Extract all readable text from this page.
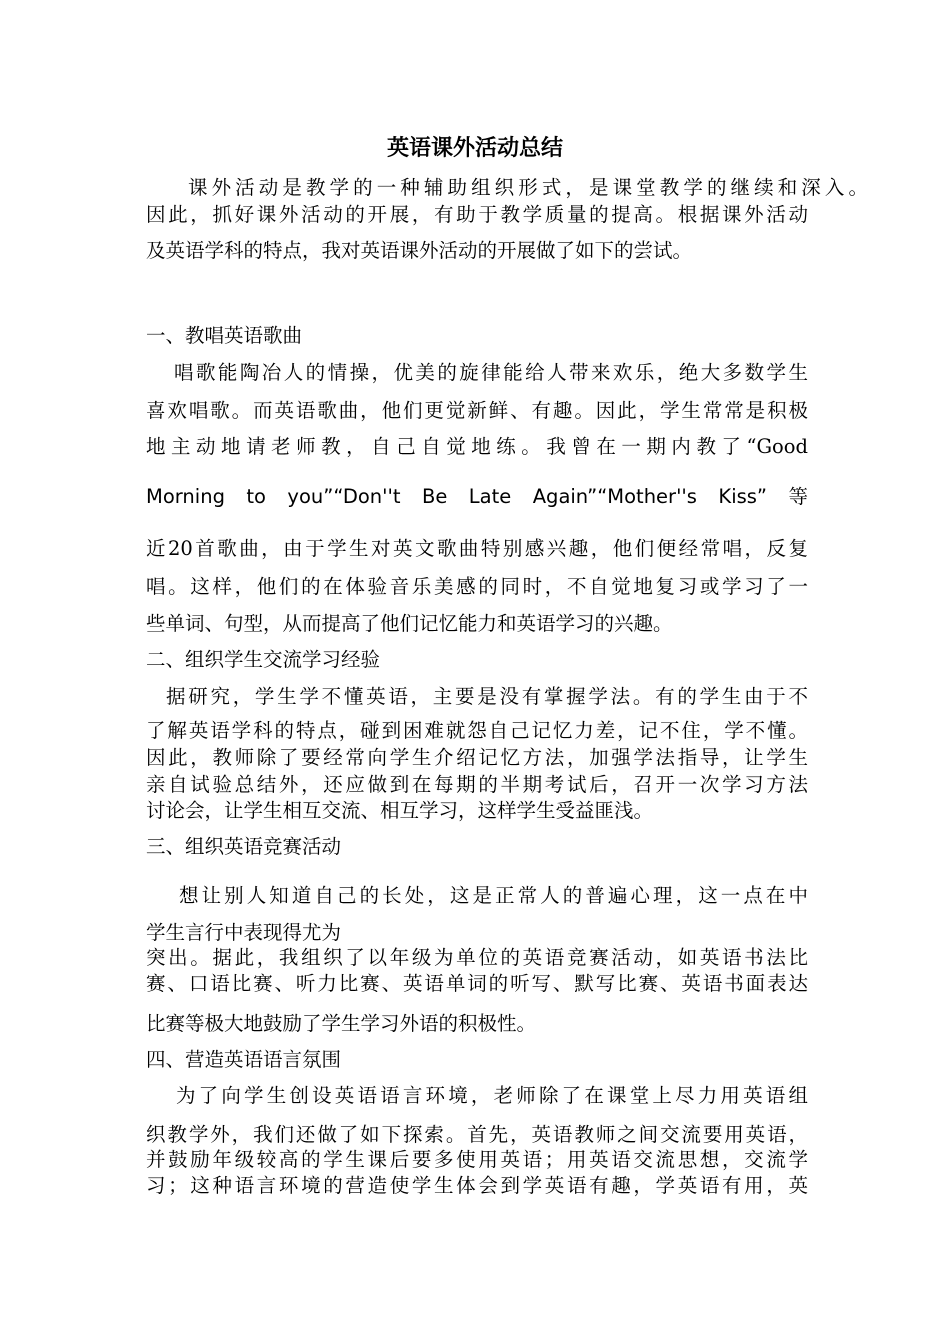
英语课外活动总结
课外活动是教学的一种辅助组织形式，是课堂教学的继续和深入。
因此，抓好课外活动的开展，有助于教学质量的提高。根据课外活动
及英语学科的特点，我对英语课外活动的开展做了如下的尝试。
一、教唱英语歌曲
唱歌能陶冶人的情操，优美的旋律能给人带来欢乐，绝大多数学生
喜欢唱歌。而英语歌曲，他们更觉新鲜、有趣。因此，学生常常是积极
地主动地请老师教，自己自觉地练。我曾在一期内教了“Good
Morning to you”“Don''t Be Late Again”“Mother''s Kiss” 等
近20首歌曲，由于学生对英文歌曲特别感兴趣，他们便经常唱，反复
唱。这样，他们的在体验音乐美感的同时，不自觉地复习或学习了一
些单词、句型，从而提高了他们记忆能力和英语学习的兴趣。
二、组织学生交流学习经验
据研究，学生学不懂英语，主要是没有掌握学法。有的学生由于不
了解英语学科的特点，碰到困难就怨自己记忆力差，记不住，学不懂。
因此，教师除了要经常向学生介绍记忆方法，加强学法指导，让学生
亲自试验总结外，还应做到在每期的半期考试后，召开一次学习方法
讨论会，让学生相互交流、相互学习，这样学生受益匪浅。
三、组织英语竞赛活动
想让别人知道自己的长处，这是正常人的普遍心理，这一点在中
学生言行中表现得尤为
突出。据此，我组织了以年级为单位的英语竞赛活动，如英语书法比
赛、口语比赛、听力比赛、英语单词的听写、默写比赛、英语书面表达
比赛等极大地鼓励了学生学习外语的积极性。
四、营造英语语言氛围
为了向学生创设英语语言环境，老师除了在课堂上尽力用英语组
织教学外，我们还做了如下探索。首先，英语教师之间交流要用英语，
并鼓励年级较高的学生课后要多使用英语；用英语交流思想，交流学
习；这种语言环境的营造使学生体会到学英语有趣，学英语有用，英
